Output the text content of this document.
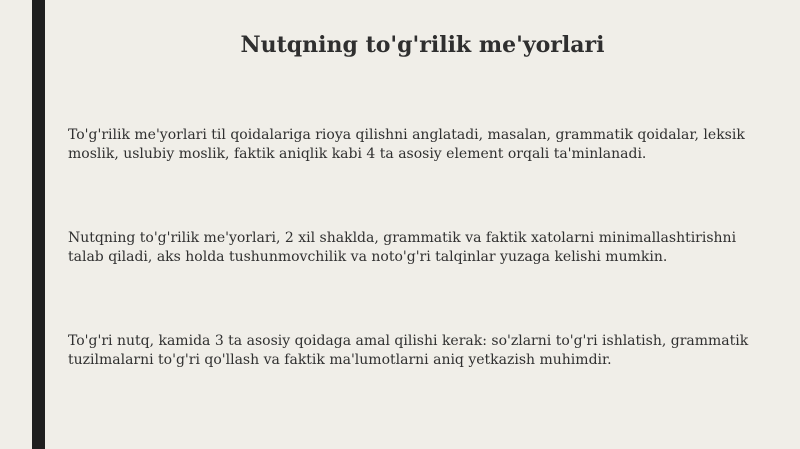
Nutqning to'g'rilik me'yorlari
To'g'rilik me'yorlari til qoidalariga rioya qilishni anglatadi, masalan, grammatik qoidalar, leksik moslik, uslubiy moslik, faktik aniqlik kabi 4 ta asosiy element orqali ta'minlanadi.
Nutqning to'g'rilik me'yorlari, 2 xil shaklda, grammatik va faktik xatolarni minimallashtirishni talab qiladi, aks holda tushunmovchilik va noto'g'ri talqinlar yuzaga kelishi mumkin.
To'g'ri nutq, kamida 3 ta asosiy qoidaga amal qilishi kerak: so'zlarni to'g'ri ishlatish, grammatik tuzilmalarni to'g'ri qo'llash va faktik ma'lumotlarni aniq yetkazish muhimdir.
